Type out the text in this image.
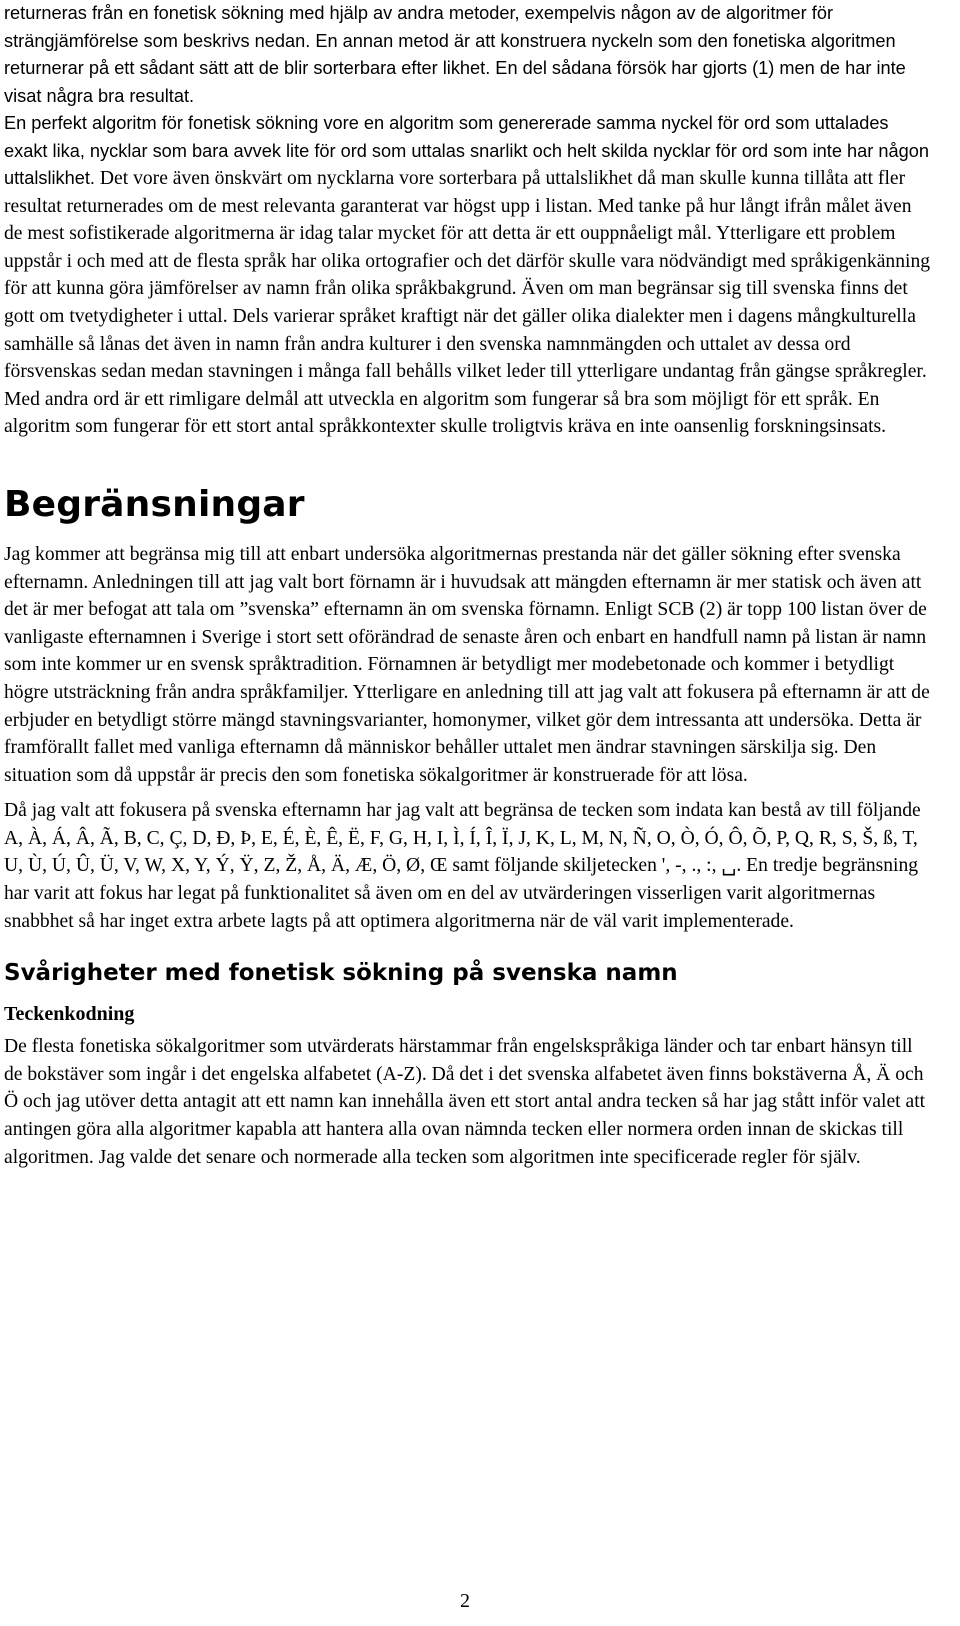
returneras från en fonetisk sökning med hjälp av andra metoder, exempelvis någon av de algoritmer för strängjämförelse som beskrivs nedan. En annan metod är att konstruera nyckeln som den fonetiska algoritmen returnerar på ett sådant sätt att de blir sorterbara efter likhet. En del sådana försök har gjorts (1) men de har inte visat några bra resultat.

En perfekt algoritm för fonetisk sökning vore en algoritm som genererade samma nyckel för ord som uttalades exakt lika, nycklar som bara avvek lite för ord som uttalas snarlikt och helt skilda nycklar för ord som inte har någon uttalslikhet. Det vore även önskvärt om nycklarna vore sorterbara på uttalslikhet då man skulle kunna tillåta att fler resultat returnerades om de mest relevanta garanterat var högst upp i listan. Med tanke på hur långt ifrån målet även de mest sofistikerade algoritmerna är idag talar mycket för att detta är ett ouppnåeligt mål. Ytterligare ett problem uppstår i och med att de flesta språk har olika ortografier och det därför skulle vara nödvändigt med språkigenkänning för att kunna göra jämförelser av namn från olika språkbakgrund. Även om man begränsar sig till svenska finns det gott om tvetydigheter i uttal. Dels varierar språket kraftigt när det gäller olika dialekter men i dagens mångkulturella samhälle så lånas det även in namn från andra kulturer i den svenska namnmängden och uttalet av dessa ord försvenskas sedan medan stavningen i många fall behålls vilket leder till ytterligare undantag från gängse språkregler. Med andra ord är ett rimligare delmål att utveckla en algoritm som fungerar så bra som möjligt för ett språk. En algoritm som fungerar för ett stort antal språkkontexter skulle troligtvis kräva en inte oansenlig forskningsinsats.

Begränsningar

Jag kommer att begränsa mig till att enbart undersöka algoritmernas prestanda när det gäller sökning efter svenska efternamn. Anledningen till att jag valt bort förnamn är i huvudsak att mängden efternamn är mer statisk och även att det är mer befogat att tala om ”svenska” efternamn än om svenska förnamn. Enligt SCB (2) är topp 100 listan över de vanligaste efternamnen i Sverige i stort sett oförändrad de senaste åren och enbart en handfull namn på listan är namn som inte kommer ur en svensk språktradition. Förnamnen är betydligt mer modebetonade och kommer i betydligt högre utsträckning från andra språkfamiljer. Ytterligare en anledning till att jag valt att fokusera på efternamn är att de erbjuder en betydligt större mängd stavningsvarianter, homonymer, vilket gör dem intressanta att undersöka. Detta är framförallt fallet med vanliga efternamn då människor behåller uttalet men ändrar stavningen särskilja sig. Den situation som då uppstår är precis den som fonetiska sökalgoritmer är konstruerade för att lösa.

Då jag valt att fokusera på svenska efternamn har jag valt att begränsa de tecken som indata kan bestå av till följande A, À, Á, Â, Ã, B, C, Ç, D, Đ, Þ, E, É, È, Ê, Ë, F, G, H, I, Ì, Í, Î, Ï, J, K, L, M, N, Ñ, O, Ò, Ó, Ô, Õ, P, Q, R, S, Š, ß, T, U, Ù, Ú, Û, Ü, V, W, X, Y, Ý, Ÿ, Z, Ž, Å, Ä, Æ, Ö, Ø, Œ samt följande skiljetecken ', -, ., :, ␣. En tredje begränsning har varit att fokus har legat på funktionalitet så även om en del av utvärderingen visserligen varit algoritmernas snabbhet så har inget extra arbete lagts på att optimera algoritmerna när de väl varit implementerade.

Svårigheter med fonetisk sökning på svenska namn
Teckenkodning

De flesta fonetiska sökalgoritmer som utvärderats härstammar från engelskspråkiga länder och tar enbart hänsyn till de bokstäver som ingår i det engelska alfabetet (A-Z). Då det i det svenska alfabetet även finns bokstäverna Å, Ä och Ö och jag utöver detta antagit att ett namn kan innehålla även ett stort antal andra tecken så har jag stått inför valet att antingen göra alla algoritmer kapabla att hantera alla ovan nämnda tecken eller normera orden innan de skickas till algoritmen. Jag valde det senare och normerade alla tecken som algoritmen inte specificerade regler för själv.

2
